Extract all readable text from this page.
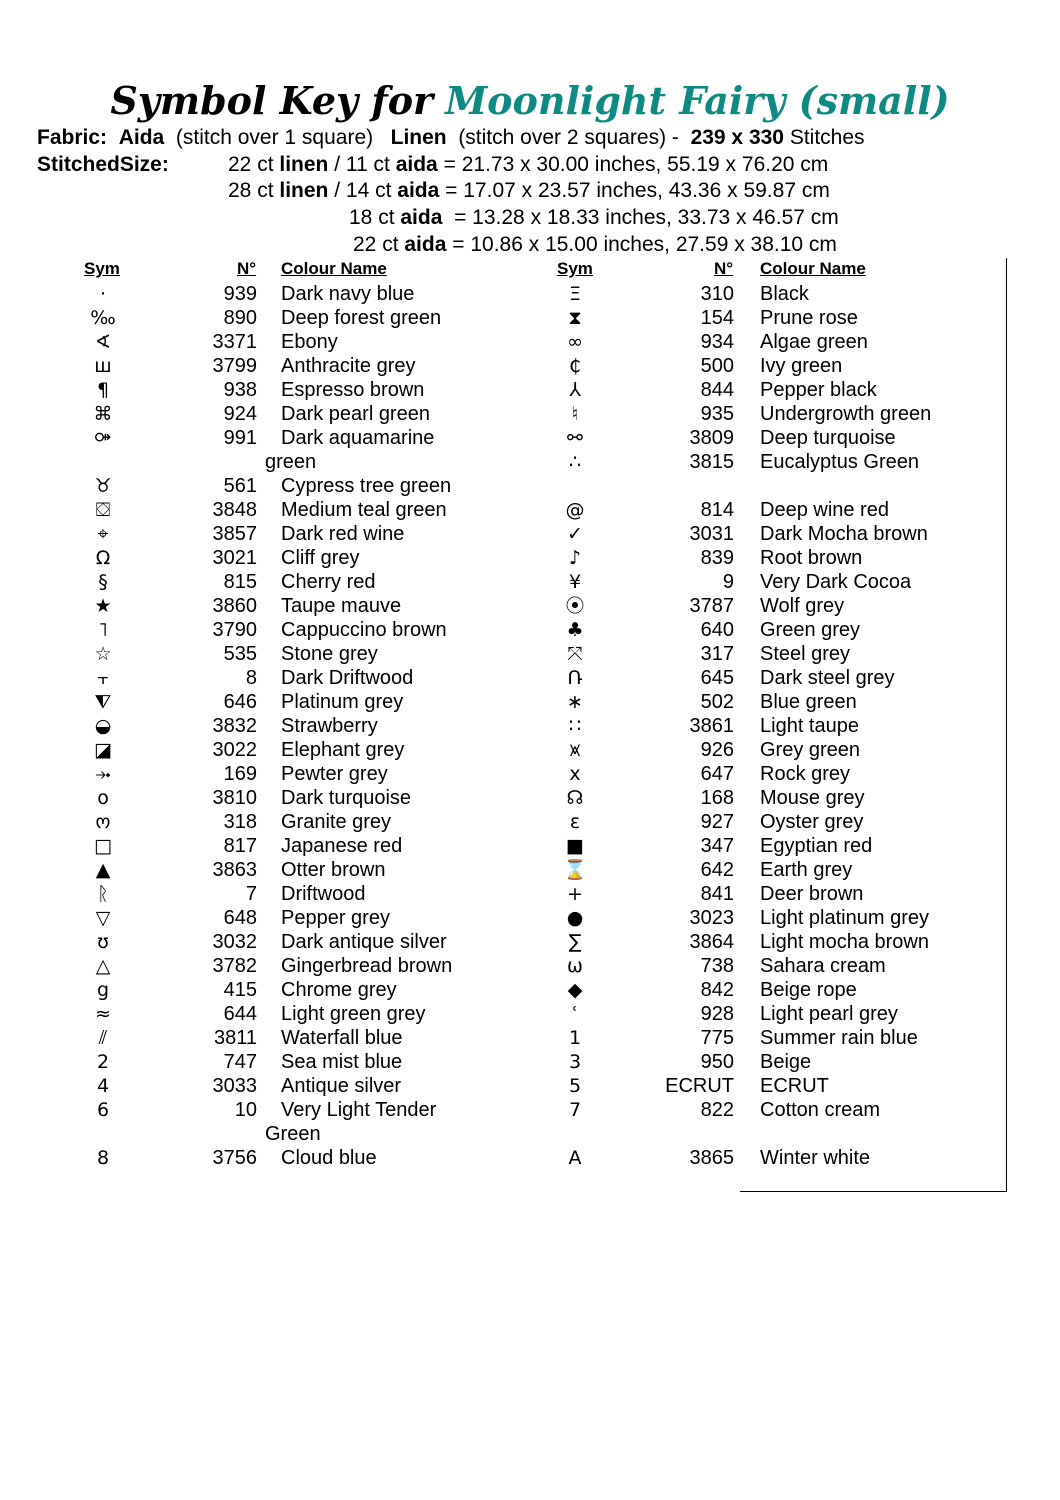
Symbol Key for Moonlight Fairy (small)
Fabric: Aida (stitch over 1 square) Linen (stitch over 2 squares) - 239 x 330 Stitches
StitchedSize:	22 ct linen / 11 ct aida = 21.73 x 30.00 inches, 55.19 x 76.20 cm
28 ct linen / 14 ct aida = 17.07 x 23.57 inches, 43.36 x 59.87 cm
18 ct aida  = 13.28 x 18.33 inches, 33.73 x 46.57 cm
22 ct aida = 10.86 x 15.00 inches, 27.59 x 38.10 cm
Sym	N° Colour Name
·	939 Dark navy blue
‰	890 Deep forest green
∢	3371 Ebony
ш	3799 Anthracite grey
¶	938 Espresso brown
⌘	924 Dark pearl green
⚩	991	Dark aquamarine green
♉	561 Cypress tree green
⛋	3848 Medium teal green
⌖	3857 Dark red wine
Ω	3021 Cliff grey
§	815 Cherry red
★	3860 Taupe mauve
˥	3790 Cappuccino brown
☆	535 Stone grey
⫟	8 Dark Driftwood
⧨	646 Platinum grey
◒	3832 Strawberry
◪	3022 Elephant grey
⤞	169 Pewter grey
o	3810 Dark turquoise
ო	318 Granite grey
□	817 Japanese red
▲	3863 Otter brown
ᚱ	7 Driftwood
▽	648 Pepper grey
ʊ	3032 Dark antique silver
△	3782 Gingerbread brown
g	415 Chrome grey
≈	644 Light green grey
⫽	3811 Waterfall blue
2	747 Sea mist blue
4	3033 Antique silver
6	10	Very Light Tender Green
8	3756 Cloud blue
Sym	N° Colour Name
Ξ	310 Black
⧗	154 Prune rose
∞	934 Algae green
₵	500 Ivy green
⅄	844 Pepper black
♮	935 Undergrowth green
⚯	3809 Deep turquoise
∴	3815 Eucalyptus Green
@	814 Deep wine red
✓	3031 Dark Mocha brown
♪	839 Root brown
¥	9 Very Dark Cocoa
⦿	3787 Wolf grey
♣	640 Green grey
⤧	317 Steel grey
Ռ	645 Dark steel grey
∗	502 Blue green
∷	3861 Light taupe
⩙	926 Grey green
x	647 Rock grey
☊	168 Mouse grey
ɛ	927 Oyster grey
■	347 Egyptian red
⌛	642 Earth grey
+	841 Deer brown
●	3023 Light platinum grey
∑	3864 Light mocha brown
ω	738 Sahara cream
◆	842 Beige rope
ʿ	928 Light pearl grey
1	775 Summer rain blue
3	950 Beige
5	ECRUT ECRUT
7	822 Cotton cream
A	3865 Winter white
